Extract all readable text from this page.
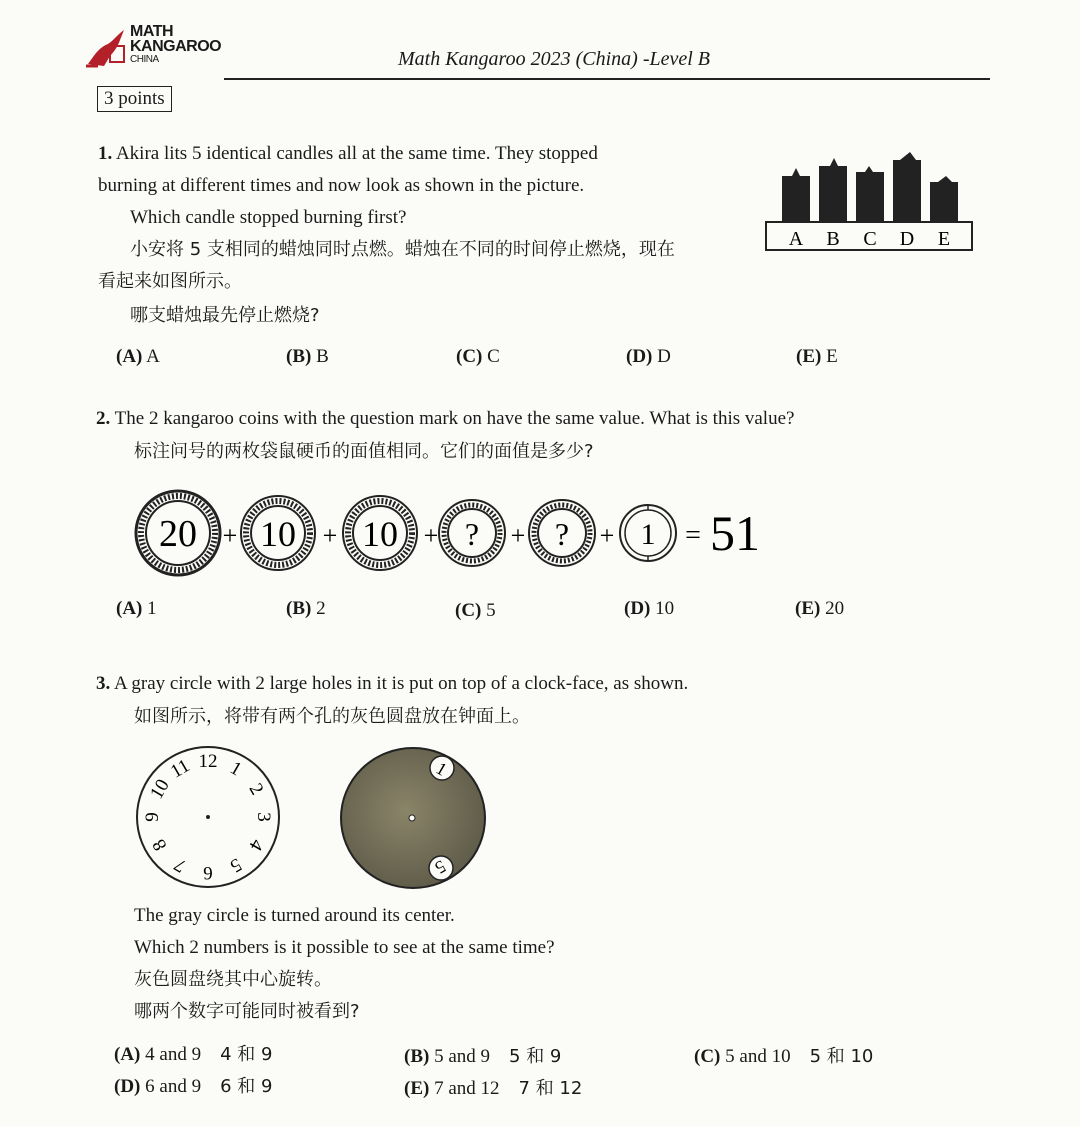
MATH
KANGAROO
CHINA	Math Kangaroo 2023 (China) -Level B
3 points
1. Akira lits 5 identical candles all at the same time. They stopped
burning at different times and now look as shown in the picture.
Which candle stopped burning first?
小安将 5 支相同的蜡烛同时点燃。蜡烛在不同的时间停止燃烧，现在
看起来如图所示。
哪支蜡烛最先停止燃烧?
A B C D E
(A) A	(B) B	(C) C	(D) D	(E) E
2. The 2 kangaroo coins with the question mark on have the same value. What is this value?
标注问号的两枚袋鼠硬币的面值相同。它们的面值是多少?
20 + 10 + 10 + ? + ? + 1 = 51
(A) 1	(B) 2	(C) 5	(D) 10	(E) 20
3. A gray circle with 2 large holes in it is put on top of a clock-face, as shown.
如图所示，将带有两个孔的灰色圆盘放在钟面上。
12 1
2
3
4
5
6
7
8
9
10
11	1
5
The gray circle is turned around its center.
Which 2 numbers is it possible to see at the same time?
灰色圆盘绕其中心旋转。
哪两个数字可能同时被看到?
(A) 4 and 9 4 和 9	(B) 5 and 9 5 和 9	(C) 5 and 10 5 和 10
(D) 6 and 9 6 和 9	(E) 7 and 12 7 和 12
